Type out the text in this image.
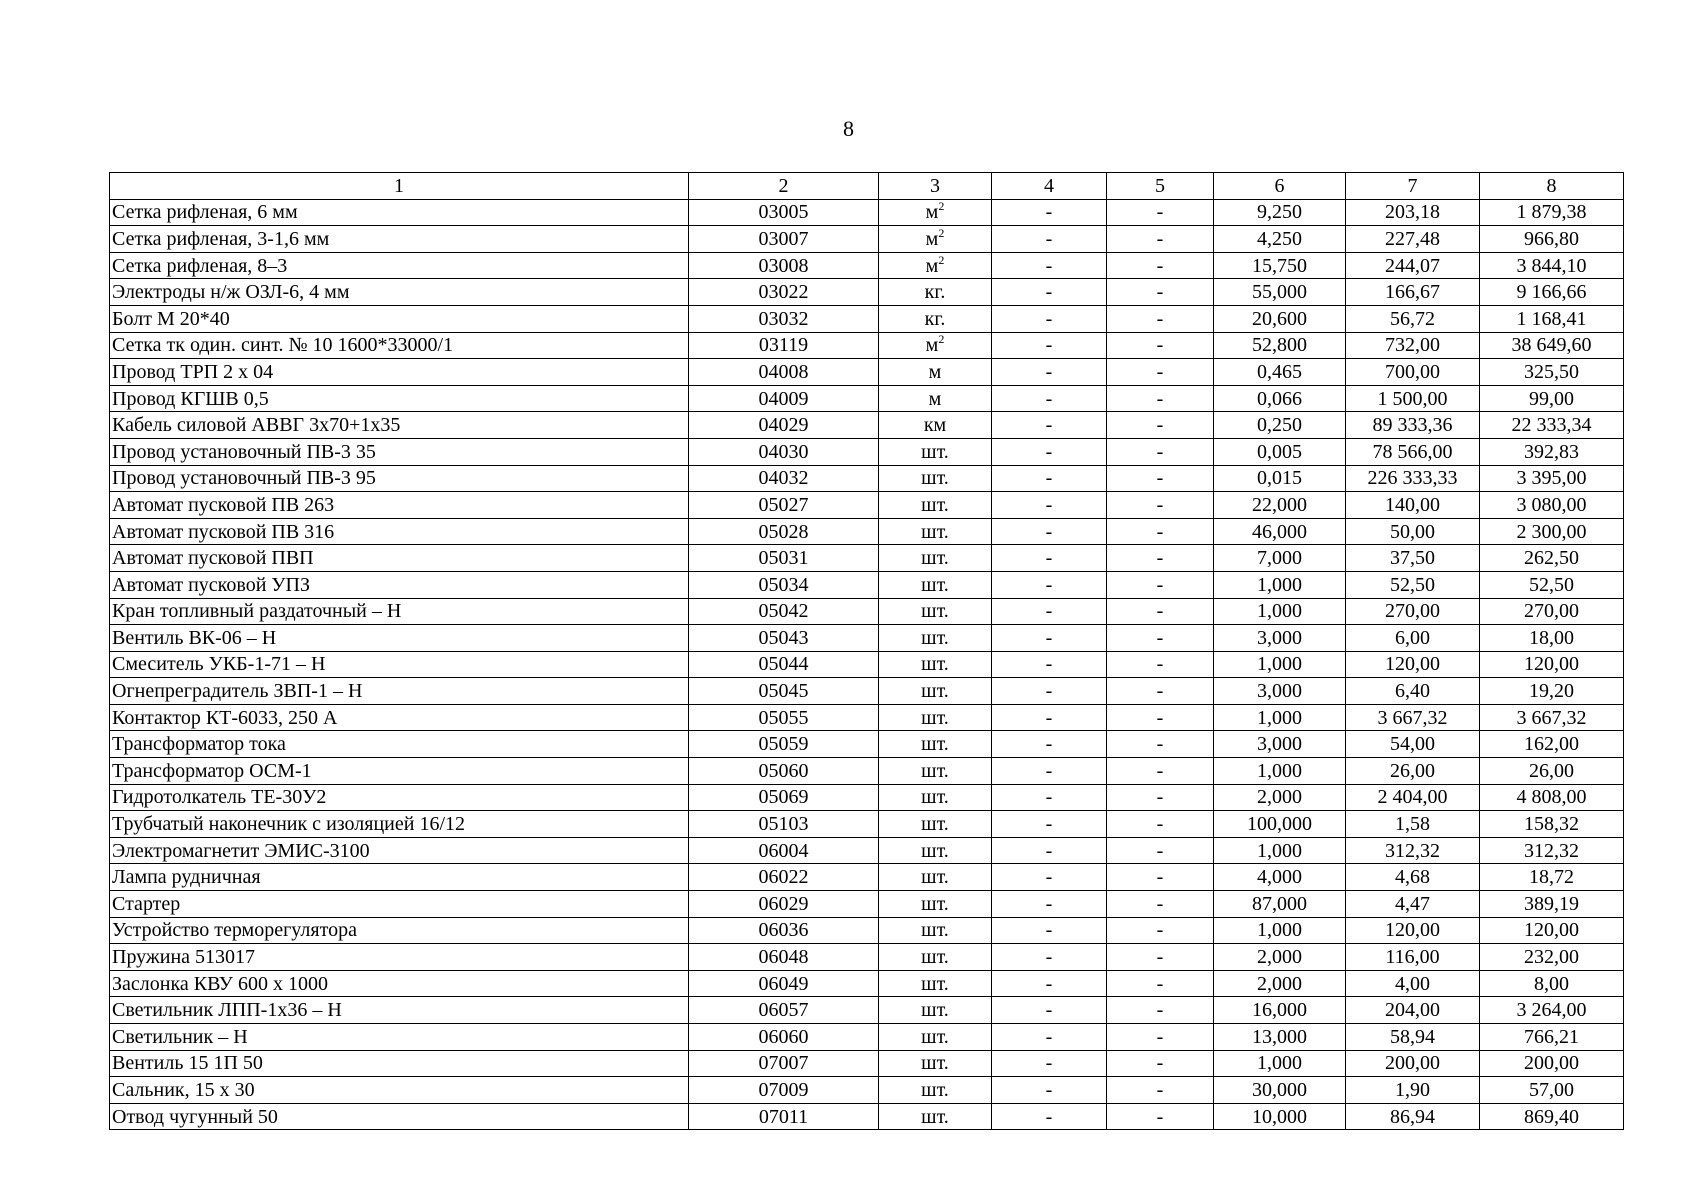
8
1	2	3	4	5	6	7	8
Сетка рифленая, 6 мм	03005	$м^2$	-	-	9,250	203,18	1 879,38
Сетка рифленая, 3-1,6 мм	03007	$м^2$	-	-	4,250	227,48	966,80
Сетка рифленая, 8–3	03008	$м^2$	-	-	15,750	244,07	3 844,10
Электроды н/ж ОЗЛ-6, 4 мм	03022	кг.	-	-	55,000	166,67	9 166,66
Болт М 20*40	03032	кг.	-	-	20,600	56,72	1 168,41
Сетка тк один. синт. № 10 1600*33000/1	03119	$м^2$	-	-	52,800	732,00	38 649,60
Провод ТРП 2 х 04	04008	м	-	-	0,465	700,00	325,50
Провод КГШВ 0,5	04009	м	-	-	0,066	1 500,00	99,00
Кабель силовой АВВГ 3х70+1х35	04029	км	-	-	0,250	89 333,36	22 333,34
Провод установочный ПВ-3 35	04030	шт.	-	-	0,005	78 566,00	392,83
Провод установочный ПВ-3 95	04032	шт.	-	-	0,015	226 333,33	3 395,00
Автомат пусковой ПВ 263	05027	шт.	-	-	22,000	140,00	3 080,00
Автомат пусковой ПВ 316	05028	шт.	-	-	46,000	50,00	2 300,00
Автомат пусковой ПВП	05031	шт.	-	-	7,000	37,50	262,50
Автомат пусковой УПЗ	05034	шт.	-	-	1,000	52,50	52,50
Кран топливный раздаточный – Н	05042	шт.	-	-	1,000	270,00	270,00
Вентиль ВК-06 – Н	05043	шт.	-	-	3,000	6,00	18,00
Смеситель УКБ-1-71 – Н	05044	шт.	-	-	1,000	120,00	120,00
Огнепреградитель ЗВП-1 – Н	05045	шт.	-	-	3,000	6,40	19,20
Контактор КТ-6033, 250 А	05055	шт.	-	-	1,000	3 667,32	3 667,32
Трансформатор тока	05059	шт.	-	-	3,000	54,00	162,00
Трансформатор ОСМ-1	05060	шт.	-	-	1,000	26,00	26,00
Гидротолкатель ТЕ-30У2	05069	шт.	-	-	2,000	2 404,00	4 808,00
Трубчатый наконечник с изоляцией 16/12	05103	шт.	-	-	100,000	1,58	158,32
Электромагнетит ЭМИС-3100	06004	шт.	-	-	1,000	312,32	312,32
Лампа рудничная	06022	шт.	-	-	4,000	4,68	18,72
Стартер	06029	шт.	-	-	87,000	4,47	389,19
Устройство терморегулятора	06036	шт.	-	-	1,000	120,00	120,00
Пружина 513017	06048	шт.	-	-	2,000	116,00	232,00
Заслонка КВУ 600 х 1000	06049	шт.	-	-	2,000	4,00	8,00
Светильник ЛПП-1х36 – Н	06057	шт.	-	-	16,000	204,00	3 264,00
Светильник – Н	06060	шт.	-	-	13,000	58,94	766,21
Вентиль 15 1П 50	07007	шт.	-	-	1,000	200,00	200,00
Сальник, 15 х 30	07009	шт.	-	-	30,000	1,90	57,00
Отвод чугунный 50	07011	шт.	-	-	10,000	86,94	869,40
